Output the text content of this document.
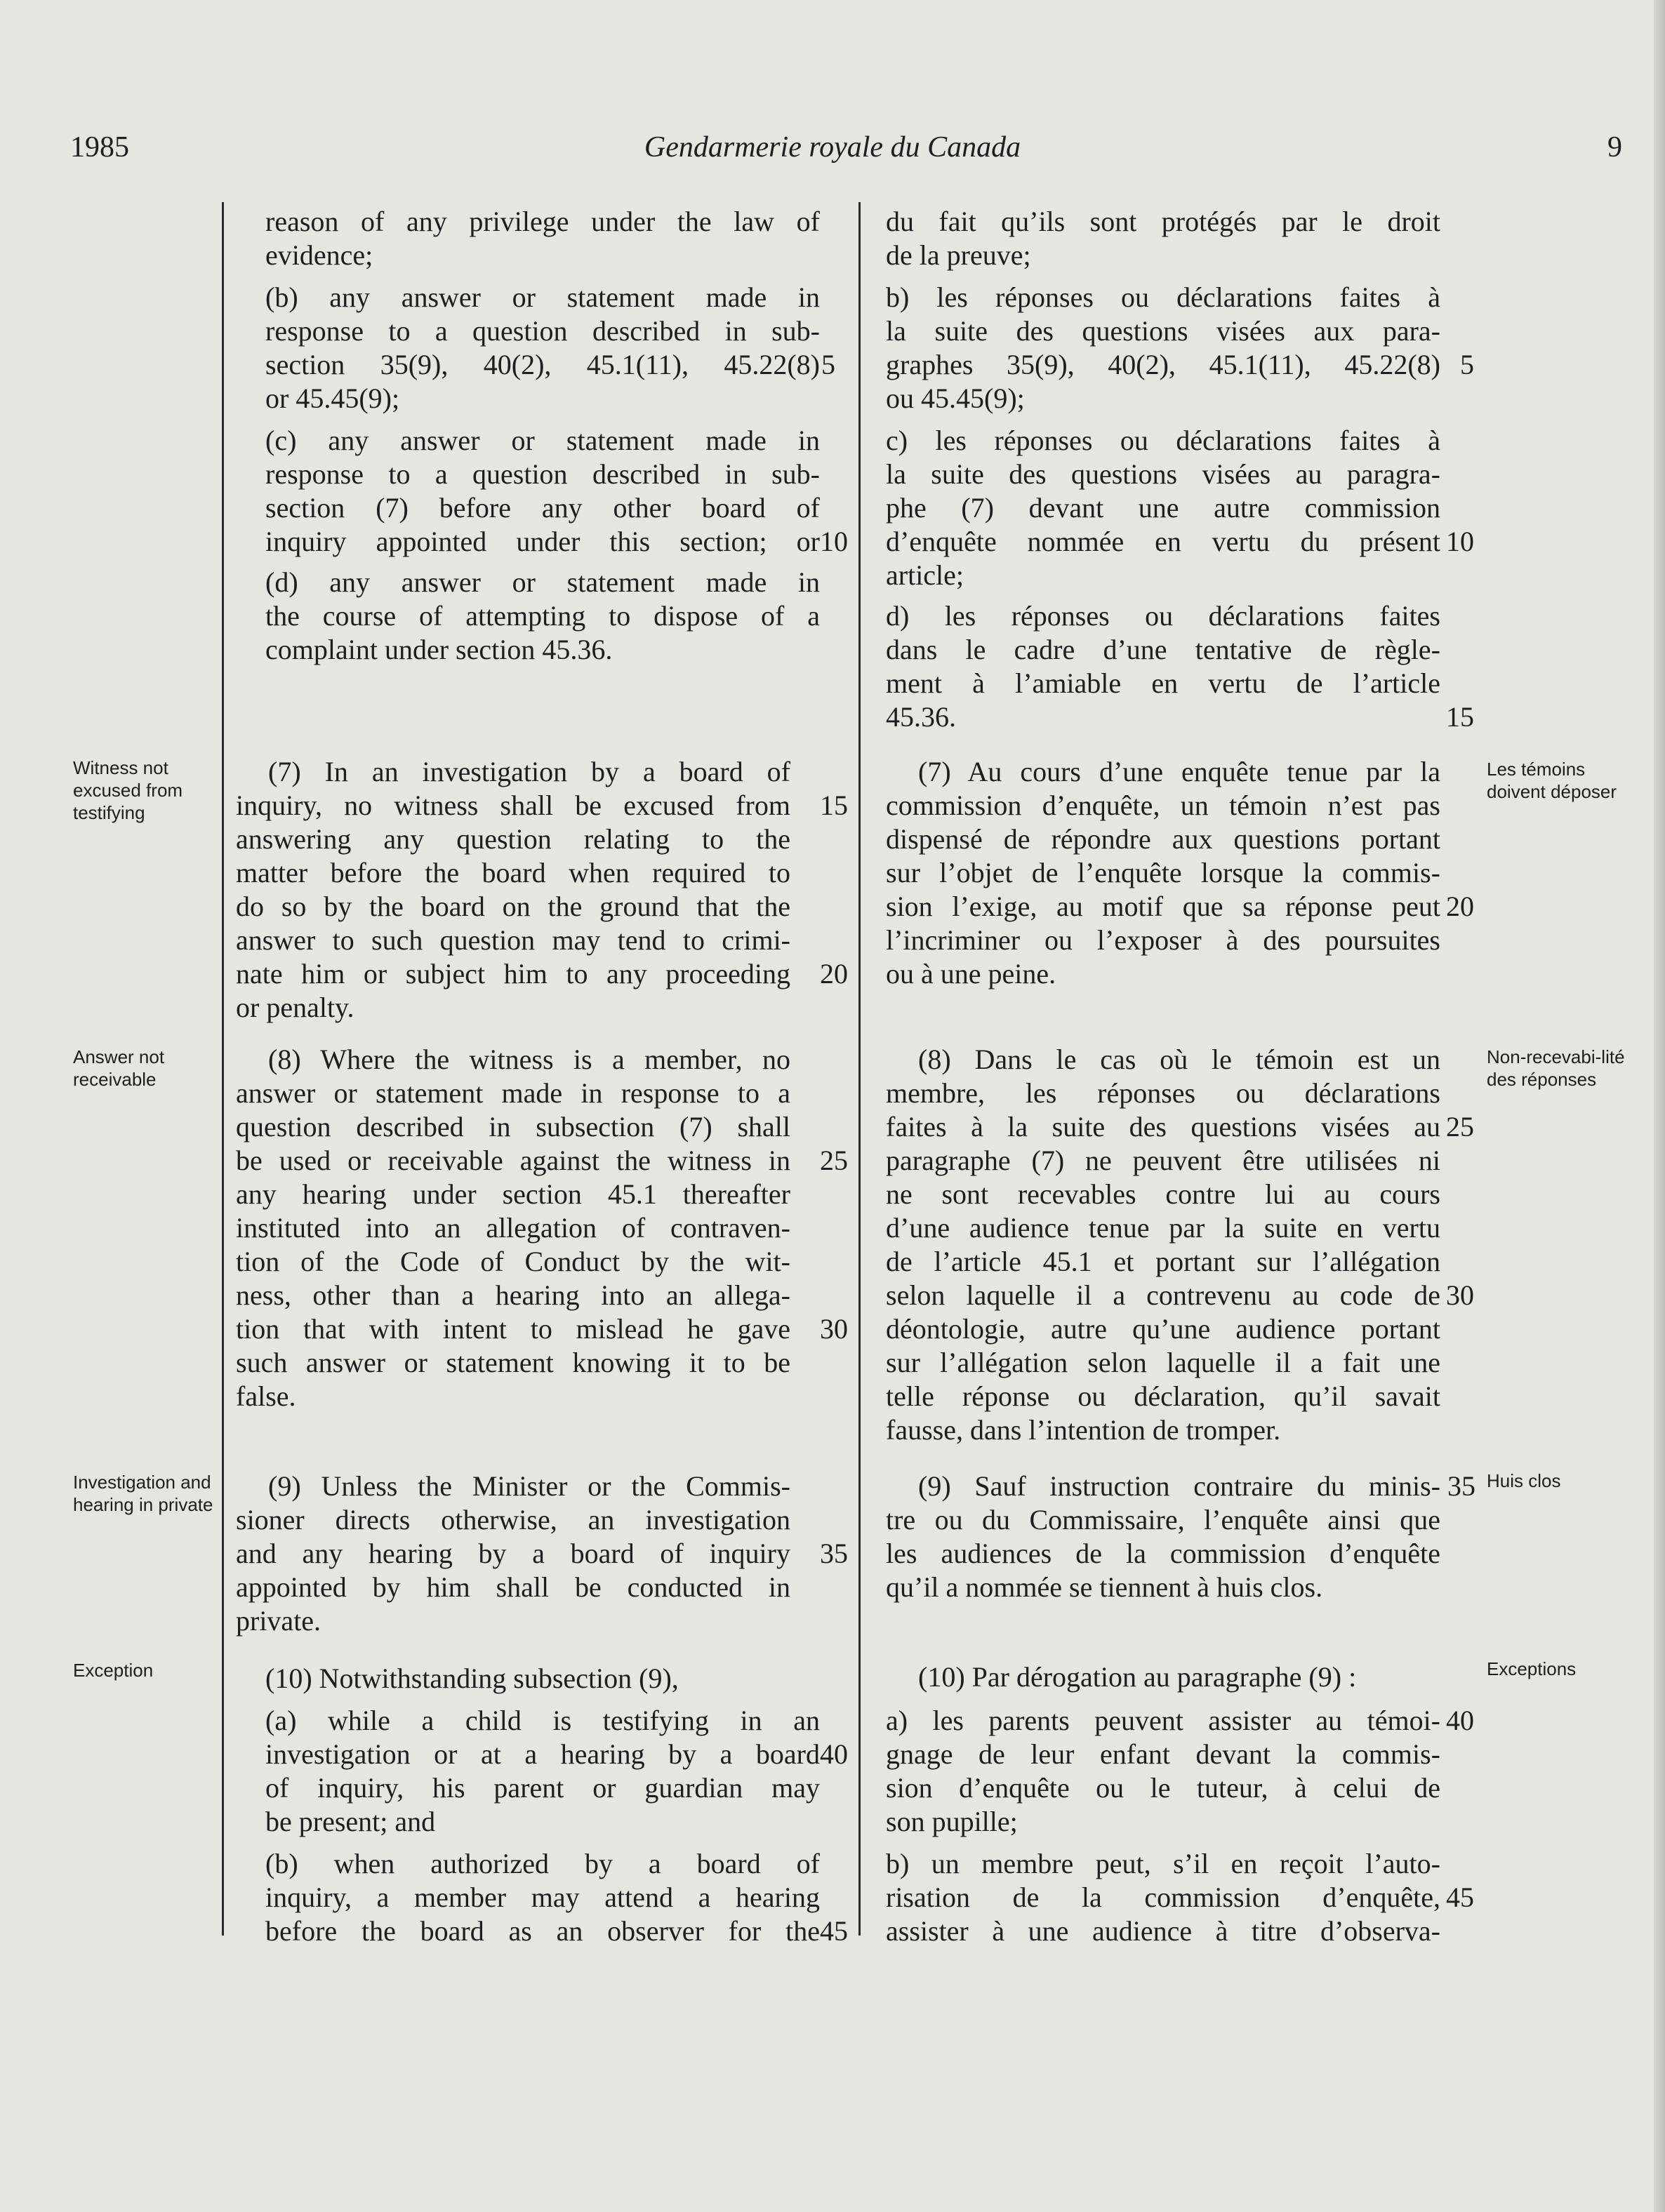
1985	Gendarmerie royale du Canada	9
Witness not excused from testifying
Answer not receivable
Investigation and hearing in private
Exception
Les témoins doivent déposer
Non-recevabi-lité des réponses
Huis clos
Exceptions
reason of any privilege under the law of
evidence;
(b) any answer or statement made in
response to a question described in sub-
section 35(9), 40(2), 45.1(11), 45.22(8)
or 45.45(9);
(c) any answer or statement made in
response to a question described in sub-
section (7) before any other board of
inquiry appointed under this section; or
(d) any answer or statement made in
the course of attempting to dispose of a
complaint under section 45.36.
(7) In an investigation by a board of
inquiry, no witness shall be excused from
answering any question relating to the
matter before the board when required to
do so by the board on the ground that the
answer to such question may tend to crimi-
nate him or subject him to any proceeding
or penalty.
(8) Where the witness is a member, no
answer or statement made in response to a
question described in subsection (7) shall
be used or receivable against the witness in
any hearing under section 45.1 thereafter
instituted into an allegation of contraven-
tion of the Code of Conduct by the wit-
ness, other than a hearing into an allega-
tion that with intent to mislead he gave
such answer or statement knowing it to be
false.
(9) Unless the Minister or the Commis-
sioner directs otherwise, an investigation
and any hearing by a board of inquiry
appointed by him shall be conducted in
private.
(10) Notwithstanding subsection (9),
(a) while a child is testifying in an
investigation or at a hearing by a board
of inquiry, his parent or guardian may
be present; and
(b) when authorized by a board of
inquiry, a member may attend a hearing
before the board as an observer for the
5
10
15
20
25
30
35
40
45
du fait qu’ils sont protégés par le droit
de la preuve;
b) les réponses ou déclarations faites à
la suite des questions visées aux para-
graphes 35(9), 40(2), 45.1(11), 45.22(8)
ou 45.45(9);
c) les réponses ou déclarations faites à
la suite des questions visées au paragra-
phe (7) devant une autre commission
d’enquête nommée en vertu du présent
article;
d) les réponses ou déclarations faites
dans le cadre d’une tentative de règle-
ment à l’amiable en vertu de l’article
45.36.
(7) Au cours d’une enquête tenue par la
commission d’enquête, un témoin n’est pas
dispensé de répondre aux questions portant
sur l’objet de l’enquête lorsque la commis-
sion l’exige, au motif que sa réponse peut
l’incriminer ou l’exposer à des poursuites
ou à une peine.
(8) Dans le cas où le témoin est un
membre, les réponses ou déclarations
faites à la suite des questions visées au
paragraphe (7) ne peuvent être utilisées ni
ne sont recevables contre lui au cours
d’une audience tenue par la suite en vertu
de l’article 45.1 et portant sur l’allégation
selon laquelle il a contrevenu au code de
déontologie, autre qu’une audience portant
sur l’allégation selon laquelle il a fait une
telle réponse ou déclaration, qu’il savait
fausse, dans l’intention de tromper.
(9) Sauf instruction contraire du minis-
tre ou du Commissaire, l’enquête ainsi que
les audiences de la commission d’enquête
qu’il a nommée se tiennent à huis clos.
(10) Par dérogation au paragraphe (9) :
a) les parents peuvent assister au témoi-
gnage de leur enfant devant la commis-
sion d’enquête ou le tuteur, à celui de
son pupille;
b) un membre peut, s’il en reçoit l’auto-
risation de la commission d’enquête,
assister à une audience à titre d’observa-
5
10
15
20
25
30
35
40
45
